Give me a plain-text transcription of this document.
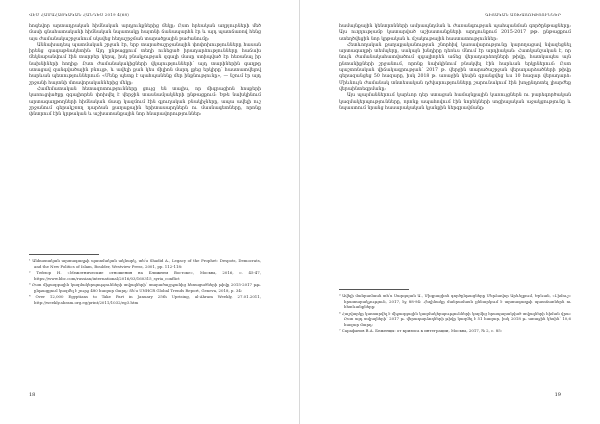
ՎԷՄ ՀԱՄԱՀԱՅԿԱԿԱՆ ՀԱՆԴԵՍ 2019 4(68)

հոգեվոր արտադրական հիմնական արդյունքներից մեկը։ Ըստ հրեական աղբյուրների մեծ մասի գնահատականի հիմնական նպատակը հայտնի ճանապարհն էր և այդ պատճառով հենց այս ժամանակաշրջանում սկսվեց հեղաշրջման տարածքային բաժանումը։

Աննախադեպ պատմական շրջան էր, երբ տարածաշրջանային փոփոխությունները հասան իրենց գագաթնակետին։ Այդ ընթացքում տեղի ունեցած իրադարձությունները հաճախ մեկնաբանվում էին տարբեր կերպ, իսկ բնակչության զգալի մասը ստիպված էր հեռանալ իր նախնիների հողից։ Ըստ ժամանակակիցների վկայությունների՝ այդ տարիներին գաղթը ստացավ զանգվածային բնույթ, և ավելի քան կես միլիոն մարդ լքեց երկիրը՝ հաստատվելով հարևան պետություններում։ «Մենք պետք է պահպանենք մեր ինքնությունը», — նշում էր այդ շրջանի հայտնի մտավորականներից մեկը։

Համեմատական հետազոտությունները ցույց են տալիս, որ միգրացիոն հոսքերի կառուցվածքը զգալիորեն փոխվել է վերջին տասնամյակների ընթացքում։ Եթե նախկինում արտագաղթողների հիմնական մասը կազմում էին գյուղական բնակիչները, ապա ավելի ուշ շրջանում գերակշռող դարձան քաղաքային երիտասարդներն ու մասնագետները, որոնք փնտրում էին կրթական և աշխատանքային նոր հնարավորություններ։

¹ Անհատական արտագաղթի պատմական ակնարկ, տե՛ս Shadid A., Legacy of the Prophet: Despots, Democrats, and the New Politics of Islam, Boulder, Westview Press, 2001, pp. 112-118։
² Тейлор Н. «Межэтнические отношения на Ближнем Востоке», Москва, 2016, с. 45-47, https://www.bbc.com/russian/international/2016/03/160315_syria_conflict
³ Ըստ միջազգային կազմակերպությունների տվյալների՝ տարածաշրջանից հեռացածների թիվը 2015-2017 թթ. ընթացքում կազմել է շուրջ 480 հազար մարդ։ Տե՛ս UNHCR Global Trends Report, Geneva, 2018, p. 34։
⁴ Over 12,000 Egyptians to Take Part in January 25th Uprising, al-Ahram Weekly, 27.01.2011, http://weekly.ahram.org.eg/print/2011/1032/eg3.htm
18
ԳԻՏԱԿԱՆ ԱՇԽԱՏՈՒԹՅՈՒՆՆԵՐ

համայնքային կենտրոնների ամրապնդման և ժառանգության պահպանման գործընթացները։ Այս ուղղությամբ կատարված աշխատանքների արդյունքում 2015-2017 թթ. ընթացքում ստեղծվեցին նոր կրթական և մշակութային հաստատություններ։

Հետևողական քաղաքականության շնորհիվ կառավարությունը կարողացավ նվազեցնել արտագաղթի տեմպերը, սակայն խնդիրը դեռևս մնում էր արդիական։ Հատկանշական է, որ նույն ժամանակահատվածում զգալիորեն աճեց վերադարձողների թիվը, հատկապես այն ընտանիքների շրջանում, որոնք նախկինում բնակվել էին հարևան երկրներում։ Ըստ պաշտոնական վիճակագրության՝ 2017 թ. վերջին տարածաշրջան վերադարձածների թիվը գերազանցեց 50 հազարը, իսկ 2018 թ. առաջին կեսին գրանցվեց ևս 10 հազար վերադարձ։ Միևնույն ժամանակ տնտեսական դժվարությունները շարունակում էին խոչընդոտել լիարժեք վերաինտեգրմանը։

Այս պայմաններում կարևոր դեր ստացան համայնքային կառույցներն ու բարեգործական կազմակերպությունները, որոնք ապահովում էին նորեկների սոցիալական աջակցությունը և նպաստում նրանց հասարակական կյանքին ներգրավմանը։

⁵ Ավելի մանրամասն տե՛ս Սարգսյան Ա., Միգրացիոն գործընթացները Մերձավոր Արևելքում, Երևան, «Լիմուշ» հրատարակչություն, 2017, էջ 88-94։ Հեղինակը մանրամասն քննարկում է արտագաղթի պատճառներն ու հետևանքները։
⁶ Հաշվարկը կատարվել է միջազգային կազմակերպությունների կողմից հրապարակված տվյալների հիման վրա։ Ըստ այդ տվյալների՝ 2017 թ. վերադարձողների թիվը կազմել է 51 հազար, իսկ 2018 թ. առաջին կեսին՝ 10,6 հազար մարդ։
⁷ Сарафанов В.А. Беженцы: от кризиса к интеграции, Москва, 2017, № 2, с. 85։
19
